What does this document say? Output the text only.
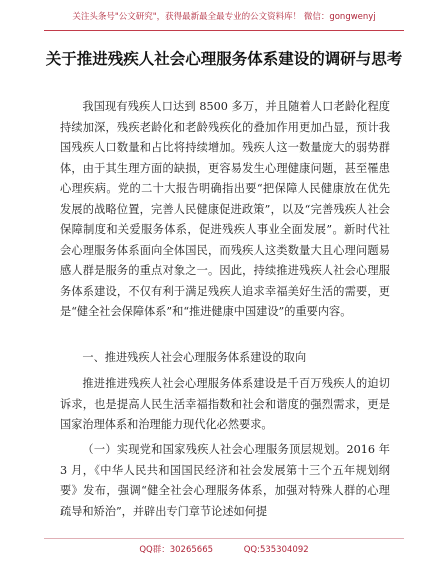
关注头条号"公文研究"，获得最新最全最专业的公文资料库！ 微信：gongwenyj
关于推进残疾人社会心理服务体系建设的调研与思考
我国现有残疾人口达到 8500 多万，并且随着人口老龄化程度持续加深，残疾老龄化和老龄残疾化的叠加作用更加凸显，预计我国残疾人口数量和占比将持续增加。残疾人这一数量庞大的弱势群体，由于其生理方面的缺损，更容易发生心理健康问题，甚至罹患心理疾病。党的二十大报告明确指出要“把保障人民健康放在优先发展的战略位置，完善人民健康促进政策”，以及“完善残疾人社会保障制度和关爱服务体系，促进残疾人事业全面发展”。新时代社会心理服务体系面向全体国民，而残疾人这类数量大且心理问题易感人群是服务的重点对象之一。因此，持续推进残疾人社会心理服务体系建设，不仅有利于满足残疾人追求幸福美好生活的需要，更是“健全社会保障体系”和“推进健康中国建设”的重要内容。
一、推进残疾人社会心理服务体系建设的取向
推进推进残疾人社会心理服务体系建设是千百万残疾人的迫切诉求，也是提高人民生活幸福指数和社会和谐度的强烈需求，更是国家治理体系和治理能力现代化必然要求。
（一）实现党和国家残疾人社会心理服务顶层规划。2016 年 3 月，《中华人民共和国国民经济和社会发展第十三个五年规划纲要》发布，强调“健全社会心理服务体系，加强对特殊人群的心理疏导和矫治”，并辟出专门章节论述如何提
QQ群：30265665	QQ:535304092
